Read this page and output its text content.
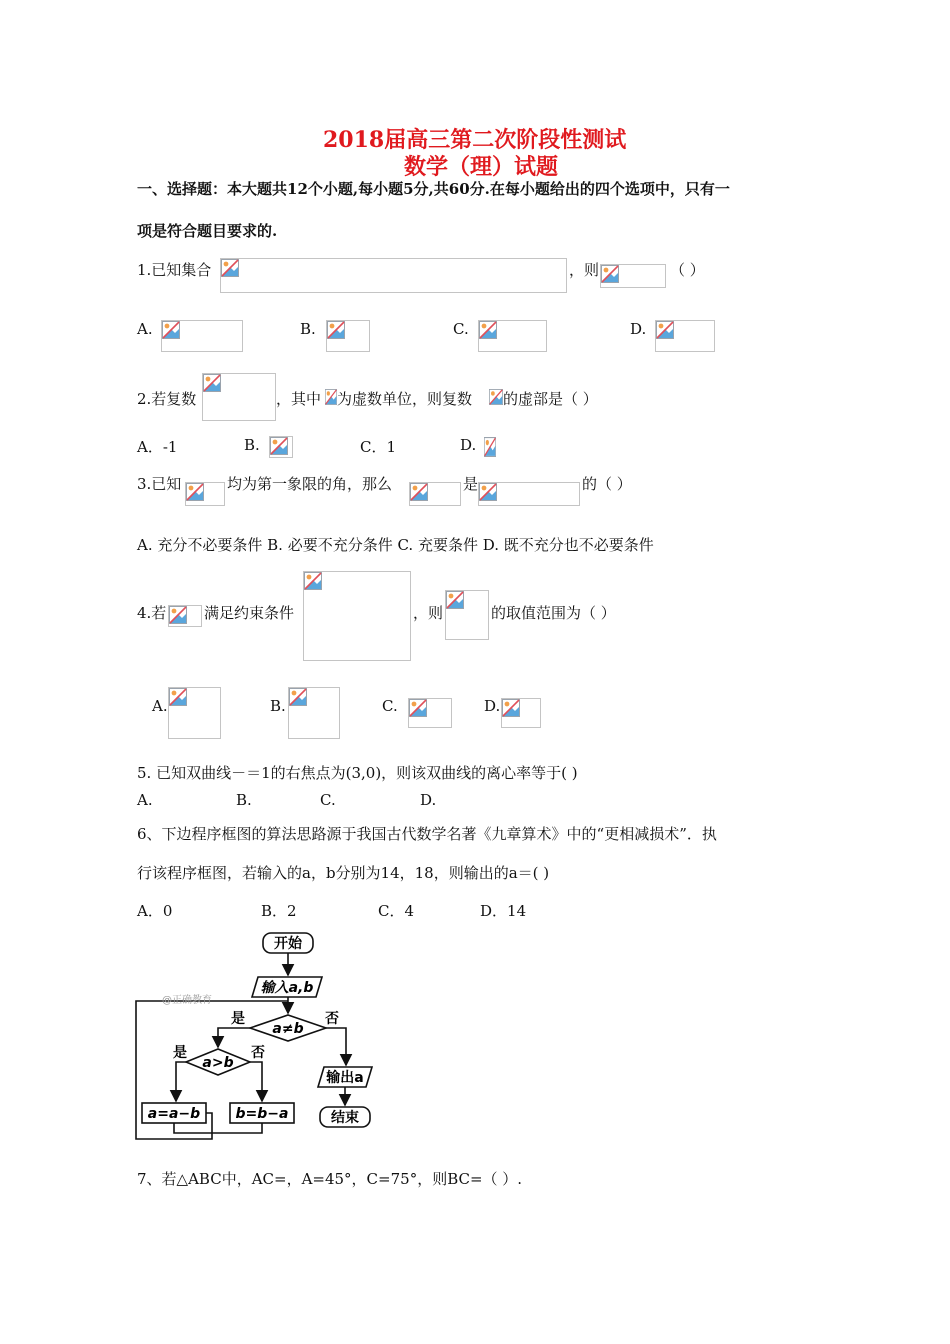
2018届高三第二次阶段性测试
数学（理）试题
一、选择题：本大题共12个小题,每小题5分,共60分.在每小题给出的四个选项中，只有一
项是符合题目要求的.
1.已知集合	，则	（ ）
A.	B.	C.	D.
2.若复数	，其中 为虚数单位，则复数 的虚部是（ ）
A．-1	B.	C．1	D.
3.已知	均为第一象限的角，那么	是	的（ ）
A. 充分不必要条件 B. 必要不充分条件 C. 充要条件 D. 既不充分也不必要条件
4.若	满足约束条件	，则	的取值范围为（ ）
A.	B.	C.	D.
5. 已知双曲线－＝1的右焦点为(3,0)，则该双曲线的离心率等于( )
A.	B.	C.	D.
6、下边程序框图的算法思路源于我国古代数学名著《九章算术》中的“更相减损术”．执
行该程序框图，若输入的a，b分别为14，18，则输出的a＝( )
A．0	B．2	C．4	D．14
开始
输入a,b
@正确教育
a≠b
是	否
a>b
是	否
a=a−b	b=b−a
输出a
结束
7、若△ABC中，AC=，A=45°，C=75°，则BC=（ ）.
